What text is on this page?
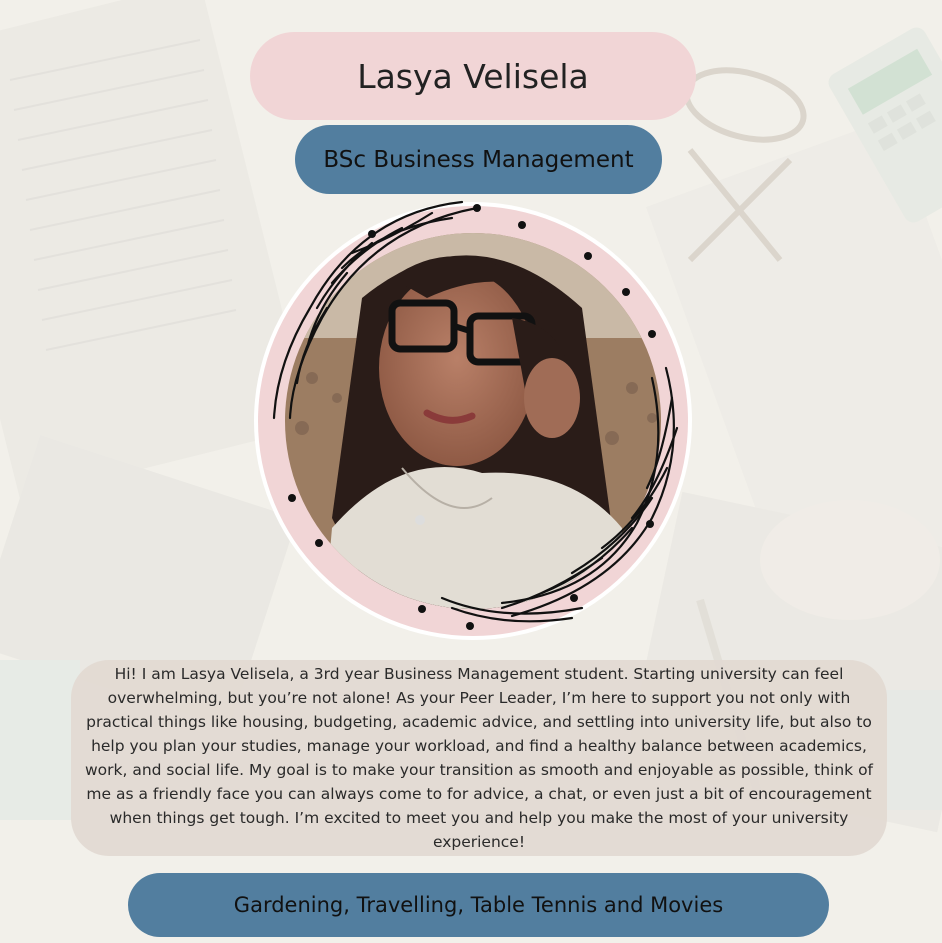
Lasya Velisela
BSc Business Management
Hi! I am Lasya Velisela, a 3rd year Business Management student. Starting university can feel overwhelming, but you’re not alone! As your Peer Leader, I’m here to support you not only with practical things like housing, budgeting, academic advice, and settling into university life, but also to help you plan your studies, manage your workload, and find a healthy balance between academics, work, and social life. My goal is to make your transition as smooth and enjoyable as possible, think of me as a friendly face you can always come to for advice, a chat, or even just a bit of encouragement when things get tough. I’m excited to meet you and help you make the most of your university experience!
Gardening, Travelling, Table Tennis and Movies
